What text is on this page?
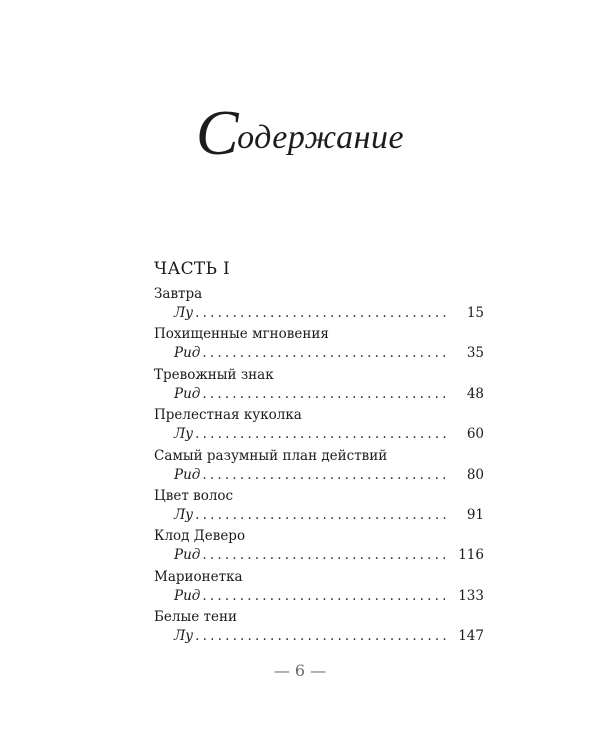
Содержание
ЧАСТЬ I
Завтра
Лу .....	15
Похищенные мгновения
Рид .....	35
Тревожный знак
Рид .....	48
Прелестная куколка
Лу .....	60
Самый разумный план действий
Рид .....	80
Цвет волос
Лу .....	91
Клод Деверо
Рид .....	116
Марионетка
Рид .....	133
Белые тени
Лу .....	147
— 6 —
